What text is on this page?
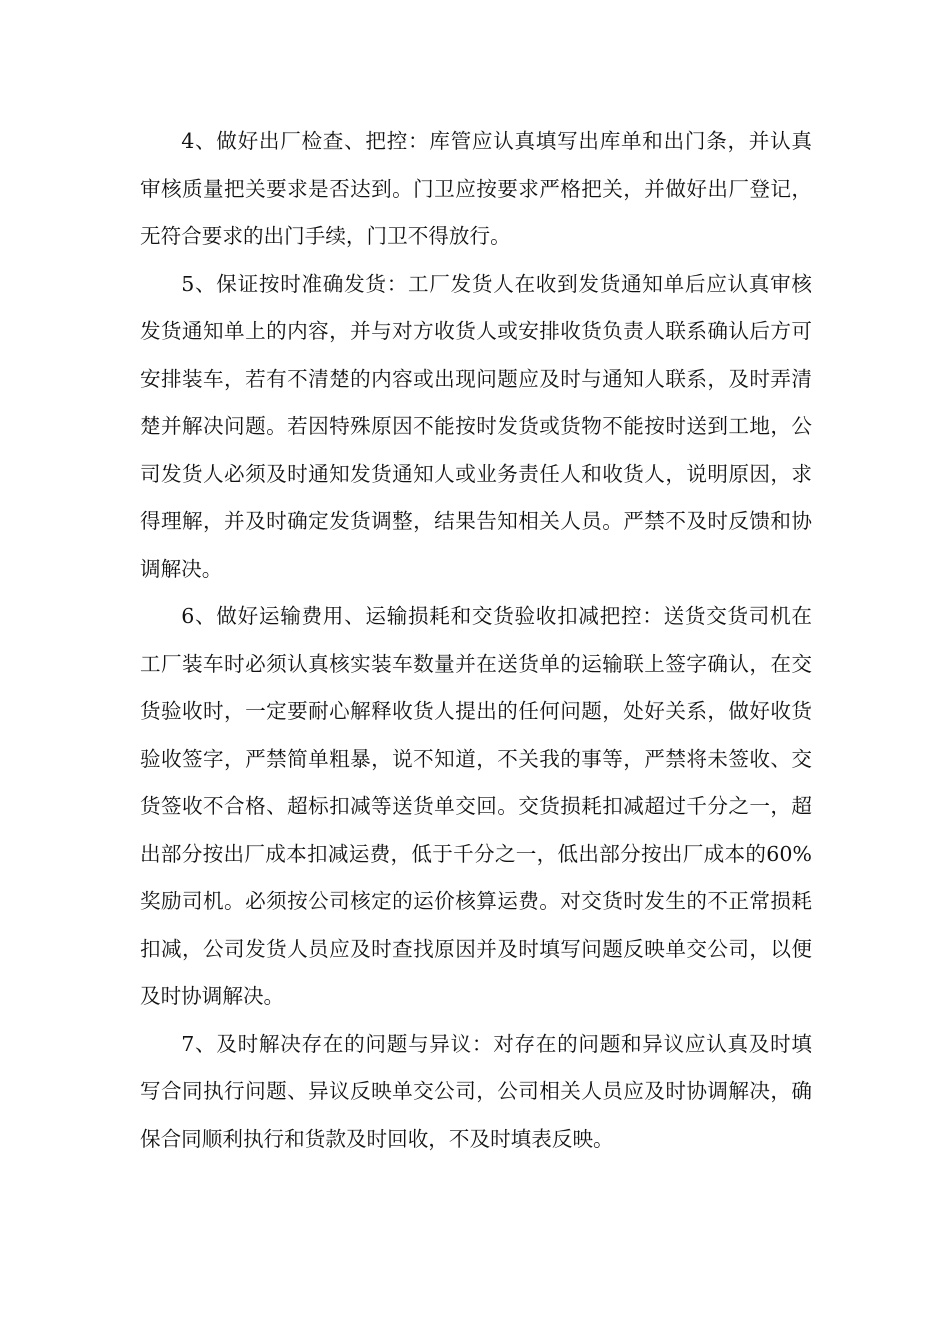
4、做好出厂检查、把控：库管应认真填写出库单和出门条，并认真审核质量把关要求是否达到。门卫应按要求严格把关，并做好出厂登记，无符合要求的出门手续，门卫不得放行。

5、保证按时准确发货：工厂发货人在收到发货通知单后应认真审核发货通知单上的内容，并与对方收货人或安排收货负责人联系确认后方可安排装车，若有不清楚的内容或出现问题应及时与通知人联系，及时弄清楚并解决问题。若因特殊原因不能按时发货或货物不能按时送到工地，公司发货人必须及时通知发货通知人或业务责任人和收货人，说明原因，求得理解，并及时确定发货调整，结果告知相关人员。严禁不及时反馈和协调解决。

6、做好运输费用、运输损耗和交货验收扣减把控：送货交货司机在工厂装车时必须认真核实装车数量并在送货单的运输联上签字确认，在交货验收时，一定要耐心解释收货人提出的任何问题，处好关系，做好收货验收签字，严禁简单粗暴，说不知道，不关我的事等，严禁将未签收、交货签收不合格、超标扣减等送货单交回。交货损耗扣减超过千分之一，超出部分按出厂成本扣减运费，低于千分之一，低出部分按出厂成本的60%奖励司机。必须按公司核定的运价核算运费。对交货时发生的不正常损耗扣减，公司发货人员应及时查找原因并及时填写问题反映单交公司，以便及时协调解决。

7、及时解决存在的问题与异议：对存在的问题和异议应认真及时填写合同执行问题、异议反映单交公司，公司相关人员应及时协调解决，确保合同顺利执行和货款及时回收，不及时填表反映。
